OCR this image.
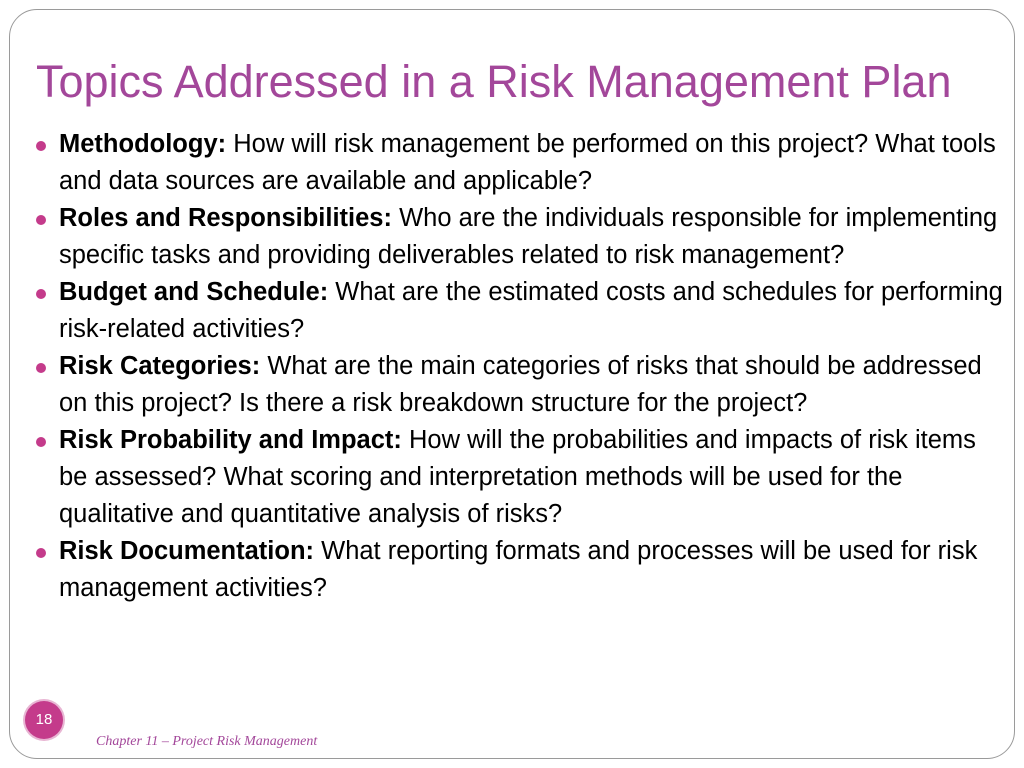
Topics Addressed in a Risk Management Plan
Methodology: How will risk management be performed on this project? What tools and data sources are available and applicable?
Roles and Responsibilities: Who are the individuals responsible for implementing specific tasks and providing deliverables related to risk management?
Budget and Schedule: What are the estimated costs and schedules for performing risk-related activities?
Risk Categories: What are the main categories of risks that should be addressed on this project? Is there a risk breakdown structure for the project?
Risk Probability and Impact: How will the probabilities and impacts of risk items be assessed? What scoring and interpretation methods will be used for the qualitative and quantitative analysis of risks?
Risk Documentation: What reporting formats and processes will be used for risk management activities?
18
Chapter 11 – Project Risk Management
